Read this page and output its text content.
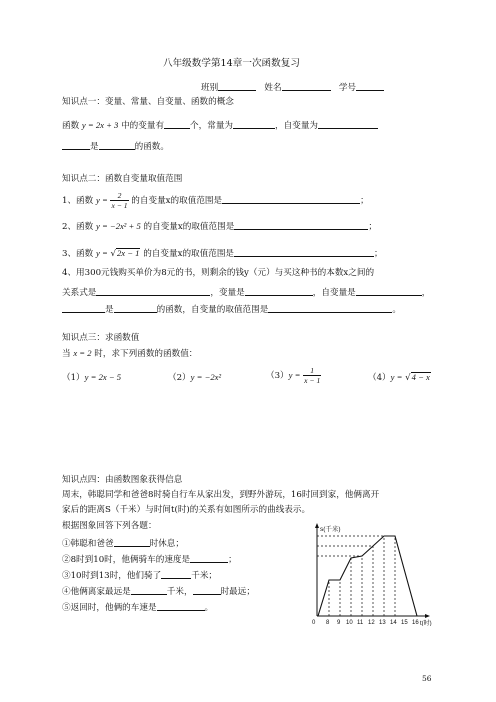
八年级数学第14章一次函数复习
班别	姓名	学号
知识点一：变量、常量、自变量、函数的概念
函数 y = 2x + 3 中的变量有	个，常量为	，自变量为
是	的函数。
知识点二：函数自变量取值范围
1、函数 $y = \frac{2}{x - 1}$ 的自变量x的取值范围是	；
2、函数 y = −2x² + 5 的自变量x的取值范围是	；
3、函数 y = √2x − 1 的自变量x的取值范围是	；
4、用300元钱购买单价为8元的书，则剩余的钱y（元）与买这种书的本数x之间的
关系式是	，变量是	，自变量是	，
是	的函数，自变量的取值范围是	。
知识点三：求函数值
当 x = 2 时，求下列函数的函数值：
（1）y = 2x − 5	（2）y = −2x²	$(3)y = \frac{1}{x - 1}$	（4）y = √4 − x
知识点四：由函数图象获得信息
周末，韩聪同学和爸爸8时骑自行车从家出发，到野外游玩，16时回到家，他俩离开
家后的距离S（千米）与时间t(时)的关系有如图所示的曲线表示。
根据图象回答下列各题：
①韩聪和爸爸	时休息；
②8时到10时，他俩骑车的速度是	；
③10时到13时，他们骑了	千米；
④他俩离家最远是	千米，	时最远；
⑤返回时，他俩的车速是	。
s(千米)
0 8 9 10 11 12 13 14 15 16 t(时)
56
